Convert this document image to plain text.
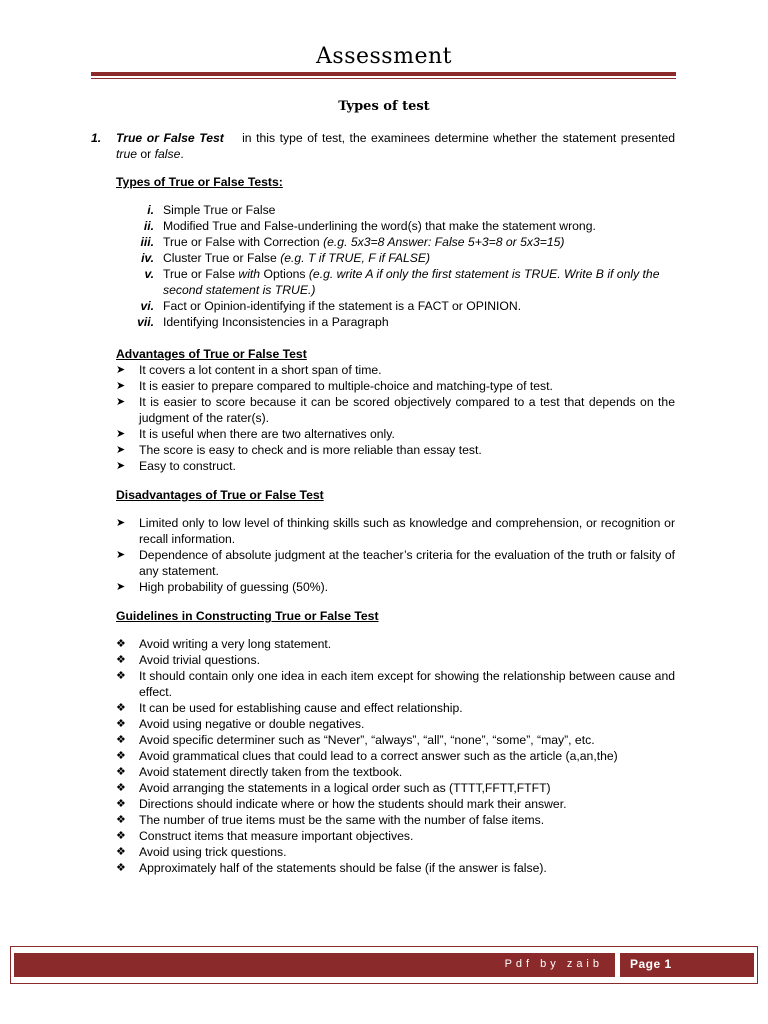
Assessment
Types of test
1.	True or False Test in this type of test, the examinees determine whether the statement presented true or false.
Types of True or False Tests:
i. Simple True or False
ii. Modified True and False-underlining the word(s) that make the statement wrong.
iii. True or False with Correction (e.g. 5x3=8 Answer: False 5+3=8 or 5x3=15)
iv. Cluster True or False (e.g. T if TRUE, F if FALSE)
v. True or False with Options (e.g. write A if only the first statement is TRUE. Write B if only the second statement is TRUE.)
vi. Fact or Opinion-identifying if the statement is a FACT or OPINION.
vii. Identifying Inconsistencies in a Paragraph
Advantages of True or False Test
➤	It covers a lot content in a short span of time.
➤	It is easier to prepare compared to multiple-choice and matching-type of test.
➤	It is easier to score because it can be scored objectively compared to a test that depends on the judgment of the rater(s).
➤	It is useful when there are two alternatives only.
➤	The score is easy to check and is more reliable than essay test.
➤	Easy to construct.
Disadvantages of True or False Test
➤	Limited only to low level of thinking skills such as knowledge and comprehension, or recognition or recall information.
➤	Dependence of absolute judgment at the teacher’s criteria for the evaluation of the truth or falsity of any statement.
➤	High probability of guessing (50%).
Guidelines in Constructing True or False Test
❖	Avoid writing a very long statement.
❖	Avoid trivial questions.
❖	It should contain only one idea in each item except for showing the relationship between cause and effect.
❖	It can be used for establishing cause and effect relationship.
❖	Avoid using negative or double negatives.
❖	Avoid specific determiner such as “Never”, “always”, “all”, “none”, “some”, “may”, etc.
❖	Avoid grammatical clues that could lead to a correct answer such as the article (a,an,the)
❖	Avoid statement directly taken from the textbook.
❖	Avoid arranging the statements in a logical order such as (TTTT,FFTT,FTFT)
❖	Directions should indicate where or how the students should mark their answer.
❖	The number of true items must be the same with the number of false items.
❖	Construct items that measure important objectives.
❖	Avoid using trick questions.
❖	Approximately half of the statements should be false (if the answer is false).
Pdf by zaib Page 1
